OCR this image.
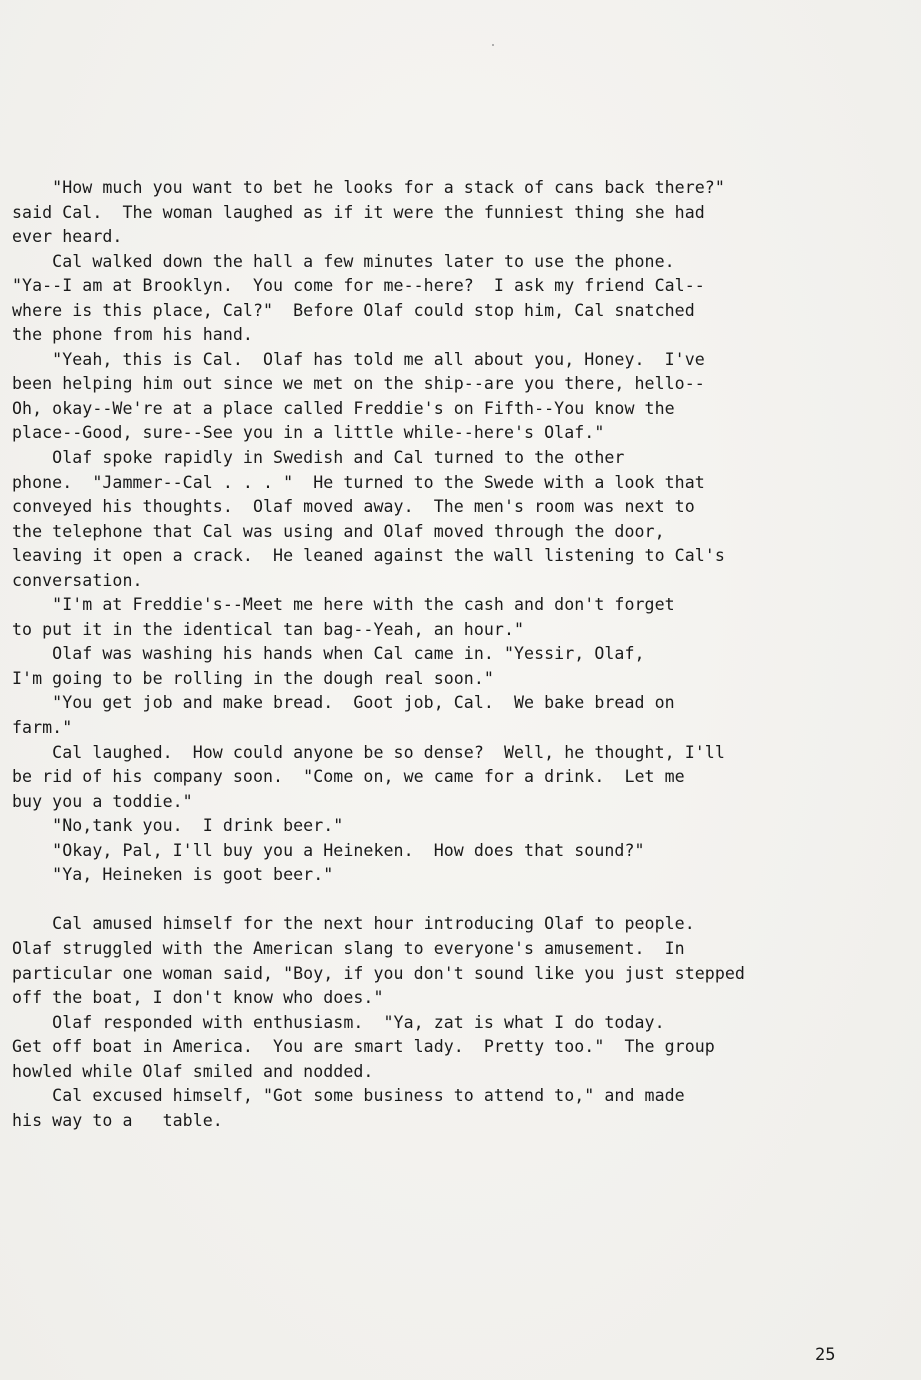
"How much you want to bet he looks for a stack of cans back there?"
said Cal.  The woman laughed as if it were the funniest thing she had
ever heard.
Cal walked down the hall a few minutes later to use the phone.
"Ya--I am at Brooklyn.  You come for me--here?  I ask my friend Cal--
where is this place, Cal?"  Before Olaf could stop him, Cal snatched
the phone from his hand.
"Yeah, this is Cal.  Olaf has told me all about you, Honey.  I've
been helping him out since we met on the ship--are you there, hello--
Oh, okay--We're at a place called Freddie's on Fifth--You know the
place--Good, sure--See you in a little while--here's Olaf."
Olaf spoke rapidly in Swedish and Cal turned to the other
phone.  "Jammer--Cal . . . "  He turned to the Swede with a look that
conveyed his thoughts.  Olaf moved away.  The men's room was next to
the telephone that Cal was using and Olaf moved through the door,
leaving it open a crack.  He leaned against the wall listening to Cal's
conversation.
"I'm at Freddie's--Meet me here with the cash and don't forget
to put it in the identical tan bag--Yeah, an hour."
Olaf was washing his hands when Cal came in. "Yessir, Olaf,
I'm going to be rolling in the dough real soon."
"You get job and make bread.  Goot job, Cal.  We bake bread on
farm."
Cal laughed.  How could anyone be so dense?  Well, he thought, I'll
be rid of his company soon.  "Come on, we came for a drink.  Let me
buy you a toddie."
"No,tank you.  I drink beer."
"Okay, Pal, I'll buy you a Heineken.  How does that sound?"
"Ya, Heineken is goot beer."
Cal amused himself for the next hour introducing Olaf to people.
Olaf struggled with the American slang to everyone's amusement.  In
particular one woman said, "Boy, if you don't sound like you just stepped
off the boat, I don't know who does."
Olaf responded with enthusiasm.  "Ya, zat is what I do today.
Get off boat in America.  You are smart lady.  Pretty too."  The group
howled while Olaf smiled and nodded.
Cal excused himself, "Got some business to attend to," and made
his way to a   table.
25
